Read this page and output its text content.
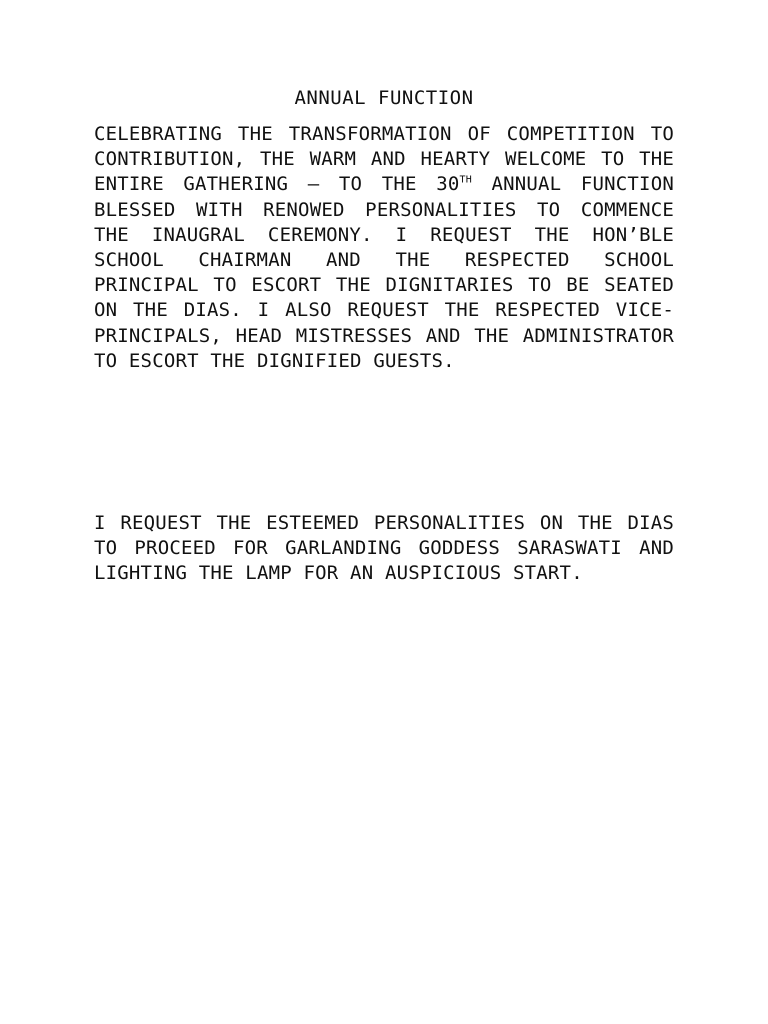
ANNUAL FUNCTION

CELEBRATING THE TRANSFORMATION OF COMPETITION TO CONTRIBUTION, THE WARM AND HEARTY WELCOME TO THE ENTIRE GATHERING – TO THE 30TH ANNUAL FUNCTION BLESSED WITH RENOWED PERSONALITIES TO COMMENCE THE INAUGRAL CEREMONY. I REQUEST THE HON’BLE SCHOOL CHAIRMAN AND THE RESPECTED SCHOOL PRINCIPAL TO ESCORT THE DIGNITARIES TO BE SEATED ON THE DIAS. I ALSO REQUEST THE RESPECTED VICE-PRINCIPALS, HEAD MISTRESSES AND THE ADMINISTRATOR TO ESCORT THE DIGNIFIED GUESTS.

I REQUEST THE ESTEEMED PERSONALITIES ON THE DIAS TO PROCEED FOR GARLANDING GODDESS SARASWATI AND LIGHTING THE LAMP FOR AN AUSPICIOUS START.
